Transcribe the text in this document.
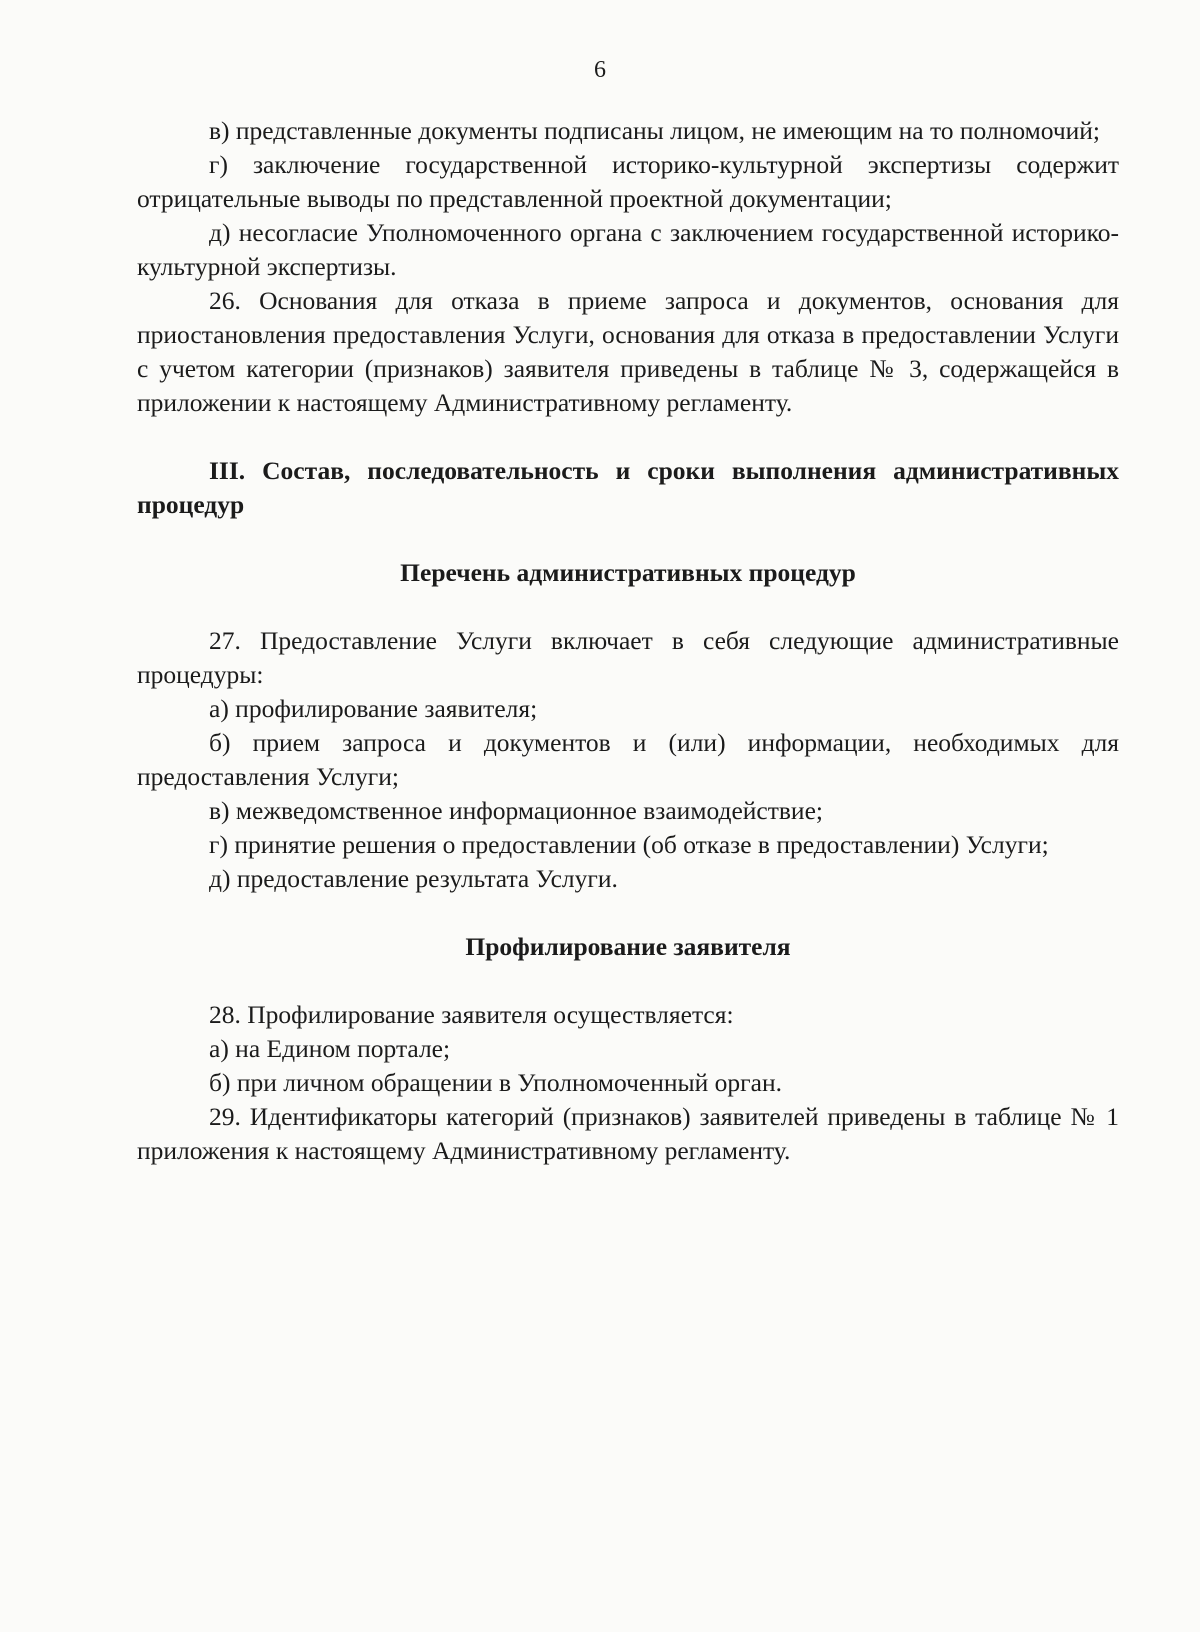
6

в) представленные документы подписаны лицом, не имеющим на то полномочий;

г) заключение государственной историко-культурной экспертизы содержит отрицательные выводы по представленной проектной документации;

д) несогласие Уполномоченного органа с заключением государственной историко-культурной экспертизы.

26. Основания для отказа в приеме запроса и документов, основания для приостановления предоставления Услуги, основания для отказа в предоставлении Услуги с учетом категории (признаков) заявителя приведены в таблице № 3, содержащейся в приложении к настоящему Административному регламенту.

III. Состав, последовательность и сроки выполнения административных процедур

Перечень административных процедур

27. Предоставление Услуги включает в себя следующие административные процедуры:

а) профилирование заявителя;

б) прием запроса и документов и (или) информации, необходимых для предоставления Услуги;

в) межведомственное информационное взаимодействие;

г) принятие решения о предоставлении (об отказе в предоставлении) Услуги;

д) предоставление результата Услуги.

Профилирование заявителя

28. Профилирование заявителя осуществляется:

а) на Едином портале;

б) при личном обращении в Уполномоченный орган.

29. Идентификаторы категорий (признаков) заявителей приведены в таблице № 1 приложения к настоящему Административному регламенту.
